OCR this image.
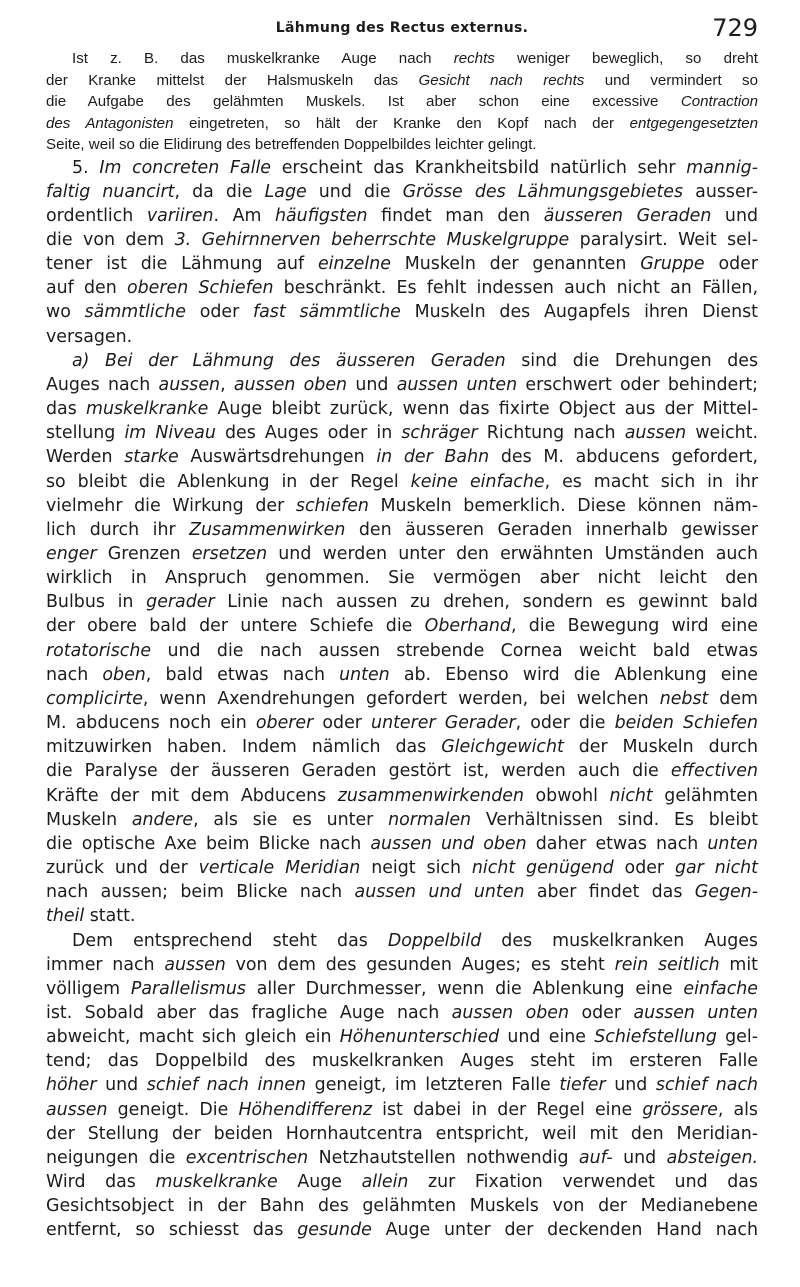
Lähmung des Rectus externus.	729
Ist z. B. das muskelkranke Auge nach rechts weniger beweglich, so dreht
der Kranke mittelst der Halsmuskeln das Gesicht nach rechts und vermindert so
die Aufgabe des gelähmten Muskels. Ist aber schon eine excessive Contraction
des Antagonisten eingetreten, so hält der Kranke den Kopf nach der entgegengesetzten
Seite, weil so die Elidirung des betreffenden Doppelbildes leichter gelingt.
5. Im concreten Falle erscheint das Krankheitsbild natürlich sehr mannig-
faltig nuancirt, da die Lage und die Grösse des Lähmungsgebietes ausser-
ordentlich variiren. Am häufigsten findet man den äusseren Geraden und
die von dem 3. Gehirnnerven beherrschte Muskelgruppe paralysirt. Weit sel-
tener ist die Lähmung auf einzelne Muskeln der genannten Gruppe oder
auf den oberen Schiefen beschränkt. Es fehlt indessen auch nicht an Fällen,
wo sämmtliche oder fast sämmtliche Muskeln des Augapfels ihren Dienst
versagen.
a) Bei der Lähmung des äusseren Geraden sind die Drehungen des
Auges nach aussen, aussen oben und aussen unten erschwert oder behindert;
das muskelkranke Auge bleibt zurück, wenn das fixirte Object aus der Mittel-
stellung im Niveau des Auges oder in schräger Richtung nach aussen weicht.
Werden starke Auswärtsdrehungen in der Bahn des M. abducens gefordert,
so bleibt die Ablenkung in der Regel keine einfache, es macht sich in ihr
vielmehr die Wirkung der schiefen Muskeln bemerklich. Diese können näm-
lich durch ihr Zusammenwirken den äusseren Geraden innerhalb gewisser
enger Grenzen ersetzen und werden unter den erwähnten Umständen auch
wirklich in Anspruch genommen. Sie vermögen aber nicht leicht den
Bulbus in gerader Linie nach aussen zu drehen, sondern es gewinnt bald
der obere bald der untere Schiefe die Oberhand, die Bewegung wird eine
rotatorische und die nach aussen strebende Cornea weicht bald etwas
nach oben, bald etwas nach unten ab. Ebenso wird die Ablenkung eine
complicirte, wenn Axendrehungen gefordert werden, bei welchen nebst dem
M. abducens noch ein oberer oder unterer Gerader, oder die beiden Schiefen
mitzuwirken haben. Indem nämlich das Gleichgewicht der Muskeln durch
die Paralyse der äusseren Geraden gestört ist, werden auch die effectiven
Kräfte der mit dem Abducens zusammenwirkenden obwohl nicht gelähmten
Muskeln andere, als sie es unter normalen Verhältnissen sind. Es bleibt
die optische Axe beim Blicke nach aussen und oben daher etwas nach unten
zurück und der verticale Meridian neigt sich nicht genügend oder gar nicht
nach aussen; beim Blicke nach aussen und unten aber findet das Gegen-
theil statt.
Dem entsprechend steht das Doppelbild des muskelkranken Auges
immer nach aussen von dem des gesunden Auges; es steht rein seitlich mit
völligem Parallelismus aller Durchmesser, wenn die Ablenkung eine einfache
ist. Sobald aber das fragliche Auge nach aussen oben oder aussen unten
abweicht, macht sich gleich ein Höhenunterschied und eine Schiefstellung gel-
tend; das Doppelbild des muskelkranken Auges steht im ersteren Falle
höher und schief nach innen geneigt, im letzteren Falle tiefer und schief nach
aussen geneigt. Die Höhendifferenz ist dabei in der Regel eine grössere, als
der Stellung der beiden Hornhautcentra entspricht, weil mit den Meridian-
neigungen die excentrischen Netzhautstellen nothwendig auf- und absteigen.
Wird das muskelkranke Auge allein zur Fixation verwendet und das
Gesichtsobject in der Bahn des gelähmten Muskels von der Medianebene
entfernt, so schiesst das gesunde Auge unter der deckenden Hand nach
